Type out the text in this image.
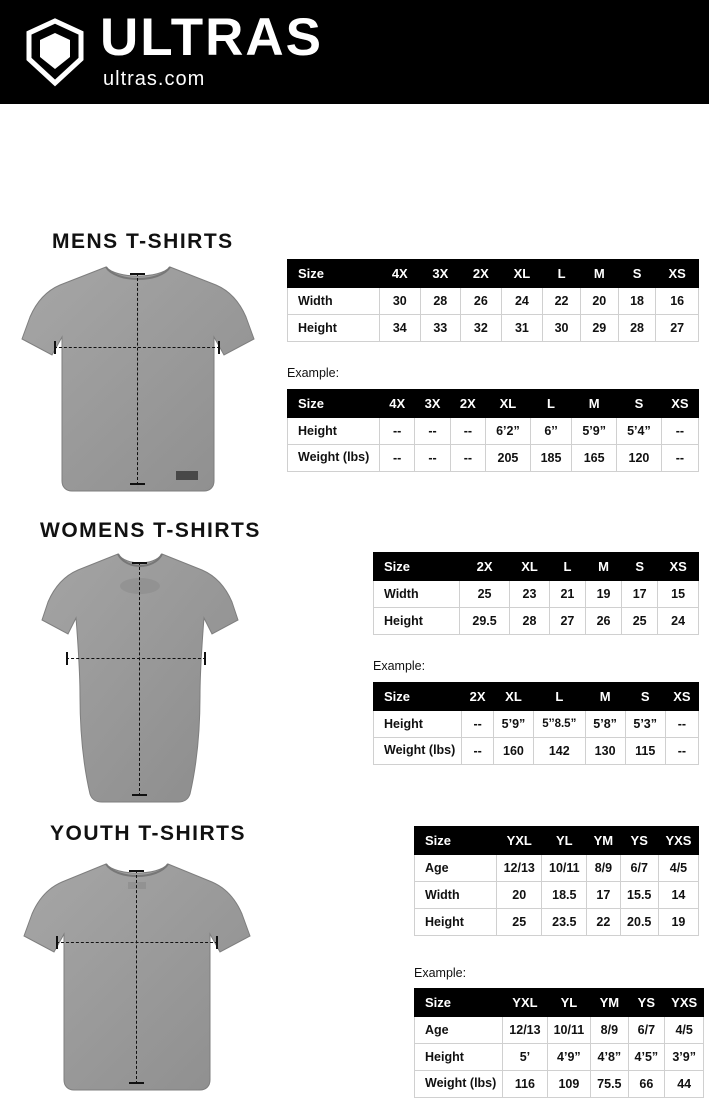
ULTRAS
ultras.com
MENS T-SHIRTS
Size	4X	3X	2X	XL	L	M	S	XS
Width	30	28	26	24	22	20	18	16
Height	34	33	32	31	30	29	28	27
Example:
Size	4X	3X	2X	XL	L	M	S	XS
Height	--	--	--	6’2”	6’’	5’9”	5’4”	--
Weight (lbs)	--	--	--	205	185	165	120	--
WOMENS T-SHIRTS
Size	2X	XL	L	M	S	XS
Width	25	23	21	19	17	15
Height	29.5	28	27	26	25	24
Example:
Size	2X	XL	L	M	S	XS
Height	--	5’9”	5’’8.5”	5’8”	5’3”	--
Weight (lbs)	--	160	142	130	115	--
YOUTH T-SHIRTS	Size	YXL	YL	YM	YS	YXS
Age	12/13	10/11	8/9	6/7	4/5
Width	20	18.5	17	15.5	14
Height	25	23.5	22	20.5	19
Example:
Size	YXL	YL	YM	YS	YXS
Age	12/13	10/11	8/9	6/7	4/5
Height	5’	4’9”	4’8”	4’5”	3’9”
Weight (lbs)	116	109	75.5	66	44
